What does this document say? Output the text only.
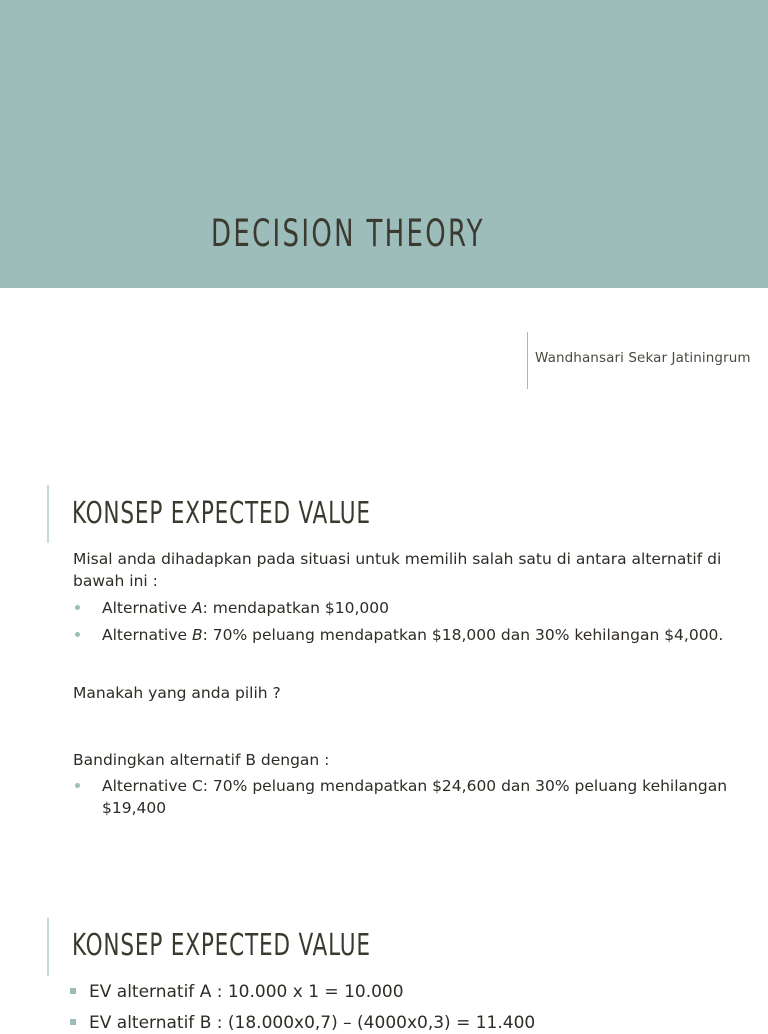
DECISION THEORY
Wandhansari Sekar Jatiningrum
KONSEP EXPECTED VALUE

Misal anda dihadapkan pada situasi untuk memilih salah satu di antara alternatif di bawah ini :

Alternative A: mendapatkan $10,000
Alternative B: 70% peluang mendapatkan $18,000 dan 30% kehilangan $4,000.

Manakah yang anda pilih ?

Bandingkan alternatif B dengan :

Alternative C: 70% peluang mendapatkan $24,600 dan 30% peluang kehilangan $19,400
KONSEP EXPECTED VALUE
EV alternatif A : 10.000 x 1 = 10.000
EV alternatif B : (18.000x0,7) – (4000x0,3) = 11.400
